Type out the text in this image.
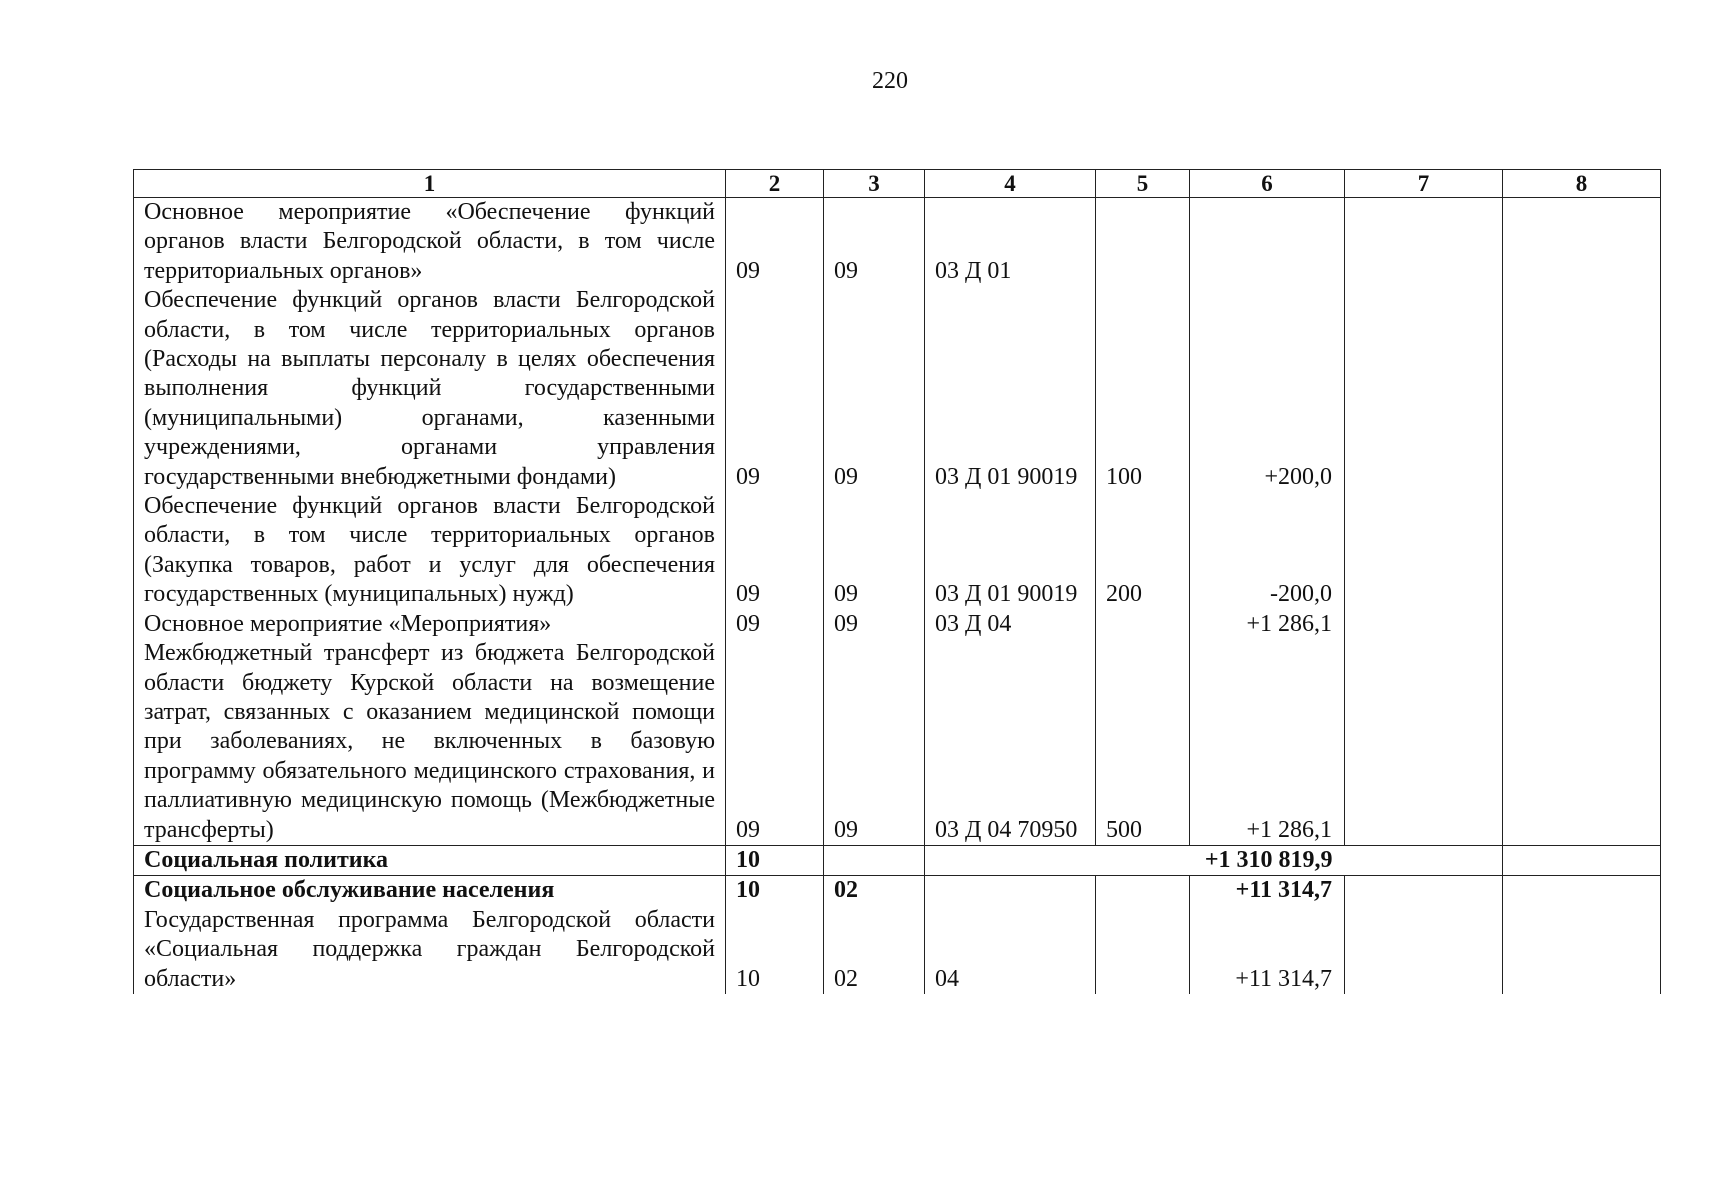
220
1	2	3	4	5	6	7	8
Основное мероприятие «Обеспечение функций органов власти Белгородской области, в том числе территориальных органов»	09	09	03 Д 01				
Обеспечение функций органов власти Белгородской области, в том числе территориальных органов (Расходы на выплаты персоналу в целях обеспечения выполнения функций государственными (муниципальными) органами, казенными учреждениями, органами управления государственными внебюджетными фондами)	09	09	03 Д 01 90019	100	+200,0		
Обеспечение функций органов власти Белгородской области, в том числе территориальных органов (Закупка товаров, работ и услуг для обеспечения государственных (муниципальных) нужд)	09	09	03 Д 01 90019	200	-200,0		
Основное мероприятие «Мероприятия»	09	09	03 Д 04		+1 286,1		
Межбюджетный трансферт из бюджета Белгородской области бюджету Курской области на возмещение затрат, связанных с оказанием медицинской помощи при заболеваниях, не включенных в базовую программу обязательного медицинского страхования, и паллиативную медицинскую помощь (Межбюджетные трансферты)	09	09	03 Д 04 70950	500	+1 286,1		
Социальная политика	10		+1 310 819,9				
Социальное обслуживание населения	10	02			+11 314,7		
Государственная программа Белгородской области «Социальная поддержка граждан Белгородской области»	10	02	04		+11 314,7		
